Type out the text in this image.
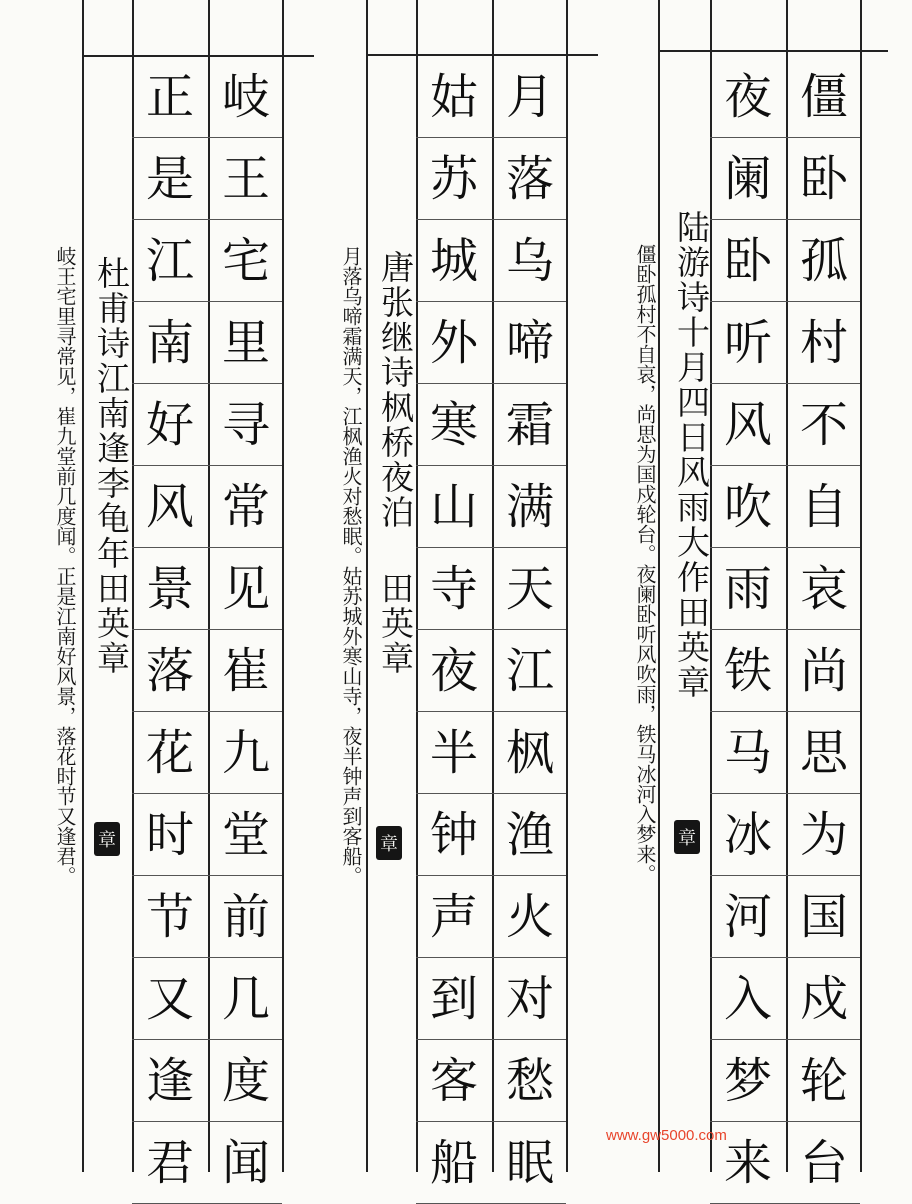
陆游诗十月四日风雨大作田英章
章
僵卧孤村不自哀，尚思为国戍轮台。夜阑卧听风吹雨，铁马冰河入梦来。
僵
卧
孤
村
不
自
哀
尚
思
为
国
戍
轮
台
夜
阑
卧
听
风
吹
雨
铁
马
冰
河
入
梦
来
唐张继诗枫桥夜泊 田英章
章
月落乌啼霜满天，江枫渔火对愁眠。姑苏城外寒山寺，夜半钟声到客船。
月
落
乌
啼
霜
满
天
江
枫
渔
火
对
愁
眠
姑
苏
城
外
寒
山
寺
夜
半
钟
声
到
客
船
杜甫诗江南逢李龟年田英章
章
岐王宅里寻常见，崔九堂前几度闻。正是江南好风景，落花时节又逢君。
岐
王
宅
里
寻
常
见
崔
九
堂
前
几
度
闻
正
是
江
南
好
风
景
落
花
时
节
又
逢
君	www.gw5000.com
